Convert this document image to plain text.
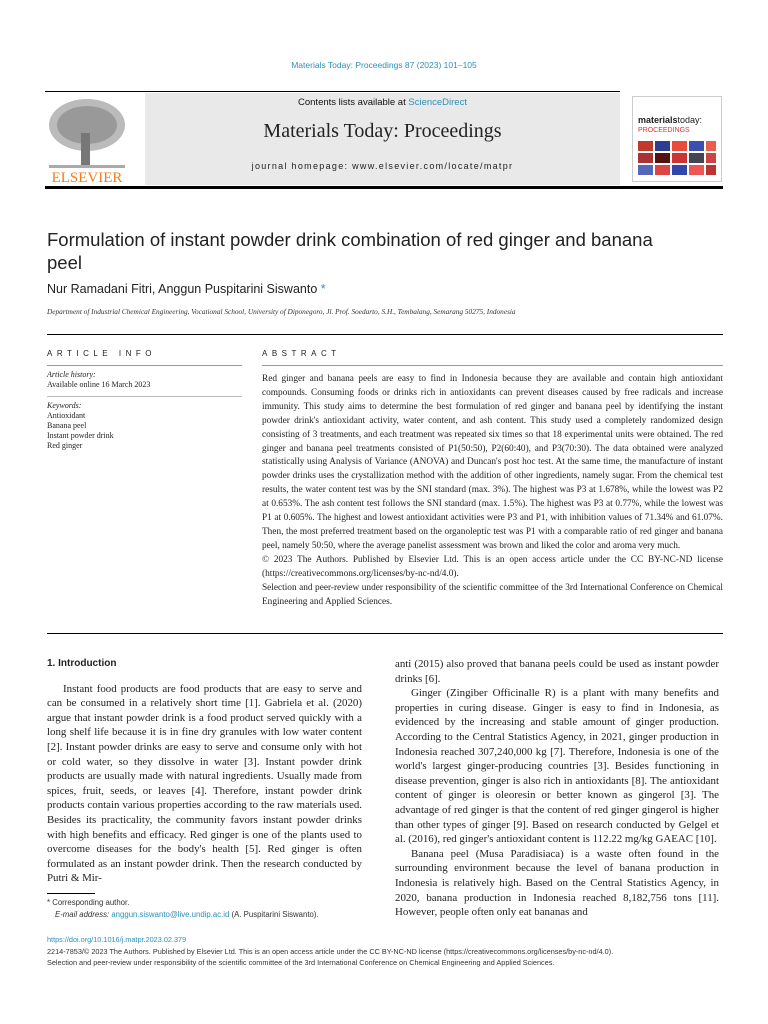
Materials Today: Proceedings 87 (2023) 101–105
ELSEVIER
Contents lists available at ScienceDirect
Materials Today: Proceedings
journal homepage: www.elsevier.com/locate/matpr
materialstoday:
PROCEEDINGS
Formulation of instant powder drink combination of red ginger and banana peel
Nur Ramadani Fitri, Anggun Puspitarini Siswanto *
Department of Industrial Chemical Engineering, Vocational School, University of Diponegoro, Jl. Prof. Soedarto, S.H., Tembalang, Semarang 50275, Indonesia
ARTICLE INFO	ABSTRACT
Article history:
Available online 16 March 2023
Keywords:
Antioxidant
Banana peel
Instant powder drink
Red ginger
Red ginger and banana peels are easy to find in Indonesia because they are available and contain high antioxidant compounds. Consuming foods or drinks rich in antioxidants can prevent diseases caused by free radicals and increase immunity. This study aims to determine the best formulation of red ginger and banana peel by identifying the instant powder drink's antioxidant activity, water content, and ash content. This study used a completely randomized design consisting of 3 treatments, and each treatment was repeated six times so that 18 experimental units were obtained. The red ginger and banana peel treatments consisted of P1(50:50), P2(60:40), and P3(70:30). The data obtained were analyzed statistically using Analysis of Variance (ANOVA) and Duncan's post hoc test. At the same time, the manufacture of instant powder drinks uses the crystallization method with the addition of other ingredients, namely sugar. From the chemical test results, the water content test was by the SNI standard (max. 3%). The highest was P3 at 1.678%, while the lowest was P2 at 0.653%. The ash content test follows the SNI standard (max. 1.5%). The highest was P3 at 0.77%, while the lowest was P1 at 0.605%. The highest and lowest antioxidant activities were P3 and P1, with inhibition values of 71.34% and 61.07%. Then, the most preferred treatment based on the organoleptic test was P1 with a comparable ratio of red ginger and banana peel, namely 50:50, where the average panelist assessment was brown and liked the color and aroma very much.
© 2023 The Authors. Published by Elsevier Ltd. This is an open access article under the CC BY-NC-ND license (https://creativecommons.org/licenses/by-nc-nd/4.0).
Selection and peer-review under responsibility of the scientific committee of the 3rd International Conference on Chemical Engineering and Applied Sciences.
1. Introduction

Instant food products are food products that are easy to serve and can be consumed in a relatively short time [1]. Gabriela et al. (2020) argue that instant powder drink is a food product served quickly with a long shelf life because it is in fine dry granules with low water content [2]. Instant powder drinks are easy to serve and consume only with hot or cold water, so they dissolve in water [3]. Instant powder drink products are usually made with natural ingredients. Usually made from spices, fruit, seeds, or leaves [4]. Therefore, instant powder drink products contain various properties according to the raw materials used. Besides its practicality, the community favors instant powder drinks with high benefits and efficacy. Red ginger is one of the plants used to overcome diseases for the body's health [5]. Red ginger is often formulated as an instant powder drink. Then the research conducted by Putri & Mir-

anti (2015) also proved that banana peels could be used as instant powder drinks [6].

Ginger (Zingiber Officinalle R) is a plant with many benefits and properties in curing disease. Ginger is easy to find in Indonesia, as evidenced by the increasing and stable amount of ginger production. According to the Central Statistics Agency, in 2021, ginger production in Indonesia reached 307,240,000 kg [7]. Therefore, Indonesia is one of the world's largest ginger-producing countries [3]. Besides functioning in disease prevention, ginger is also rich in antioxidants [8]. The antioxidant content of ginger is oleoresin or better known as gingerol [3]. The advantage of red ginger is that the content of red ginger gingerol is higher than other types of ginger [9]. Based on research conducted by Gelgel et al. (2016), red ginger's antioxidant content is 112.22 mg/kg GAEAC [10].

Banana peel (Musa Paradisiaca) is a waste often found in the surrounding environment because the level of banana production in Indonesia is relatively high. Based on the Central Statistics Agency, in 2020, banana production in Indonesia reached 8,182,756 tons [11]. However, people often only eat bananas and

* Corresponding author.
E-mail address: anggun.siswanto@live.undip.ac.id (A. Puspitarini Siswanto).
https://doi.org/10.1016/j.matpr.2023.02.379
2214-7853/© 2023 The Authors. Published by Elsevier Ltd. This is an open access article under the CC BY-NC-ND license (https://creativecommons.org/licenses/by-nc-nd/4.0).
Selection and peer-review under responsibility of the scientific committee of the 3rd International Conference on Chemical Engineering and Applied Sciences.
